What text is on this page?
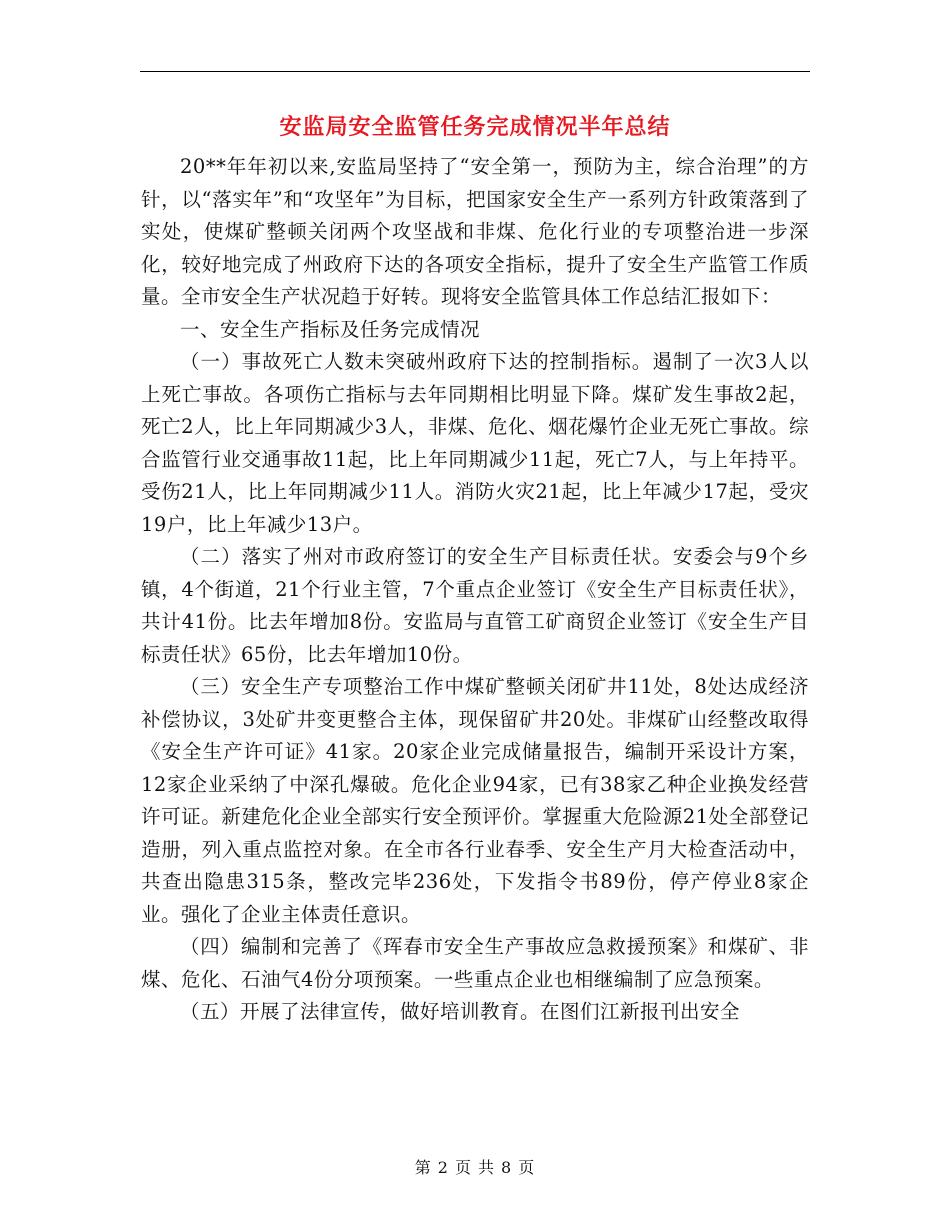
安监局安全监管任务完成情况半年总结

20**年年初以来,安监局坚持了“安全第一，预防为主，综合治理”的方针，以“落实年”和“攻坚年”为目标，把国家安全生产一系列方针政策落到了实处，使煤矿整顿关闭两个攻坚战和非煤、危化行业的专项整治进一步深化，较好地完成了州政府下达的各项安全指标，提升了安全生产监管工作质量。全市安全生产状况趋于好转。现将安全监管具体工作总结汇报如下：

一、安全生产指标及任务完成情况

（一）事故死亡人数未突破州政府下达的控制指标。遏制了一次3人以上死亡事故。各项伤亡指标与去年同期相比明显下降。煤矿发生事故2起，死亡2人，比上年同期减少3人，非煤、危化、烟花爆竹企业无死亡事故。综合监管行业交通事故11起，比上年同期减少11起，死亡7人，与上年持平。受伤21人，比上年同期减少11人。消防火灾21起，比上年减少17起，受灾19户，比上年减少13户。

（二）落实了州对市政府签订的安全生产目标责任状。安委会与9个乡镇，4个街道，21个行业主管，7个重点企业签订《安全生产目标责任状》，共计41份。比去年增加8份。安监局与直管工矿商贸企业签订《安全生产目标责任状》65份，比去年增加10份。

（三）安全生产专项整治工作中煤矿整顿关闭矿井11处，8处达成经济补偿协议，3处矿井变更整合主体，现保留矿井20处。非煤矿山经整改取得《安全生产许可证》41家。20家企业完成储量报告，编制开采设计方案，12家企业采纳了中深孔爆破。危化企业94家，已有38家乙种企业换发经营许可证。新建危化企业全部实行安全预评价。掌握重大危险源21处全部登记造册，列入重点监控对象。在全市各行业春季、安全生产月大检查活动中，共查出隐患315条，整改完毕236处，下发指令书89份，停产停业8家企业。强化了企业主体责任意识。

（四）编制和完善了《珲春市安全生产事故应急救援预案》和煤矿、非煤、危化、石油气4份分项预案。一些重点企业也相继编制了应急预案。

（五）开展了法律宣传，做好培训教育。在图们江新报刊出安全

第 2 页 共 8 页
